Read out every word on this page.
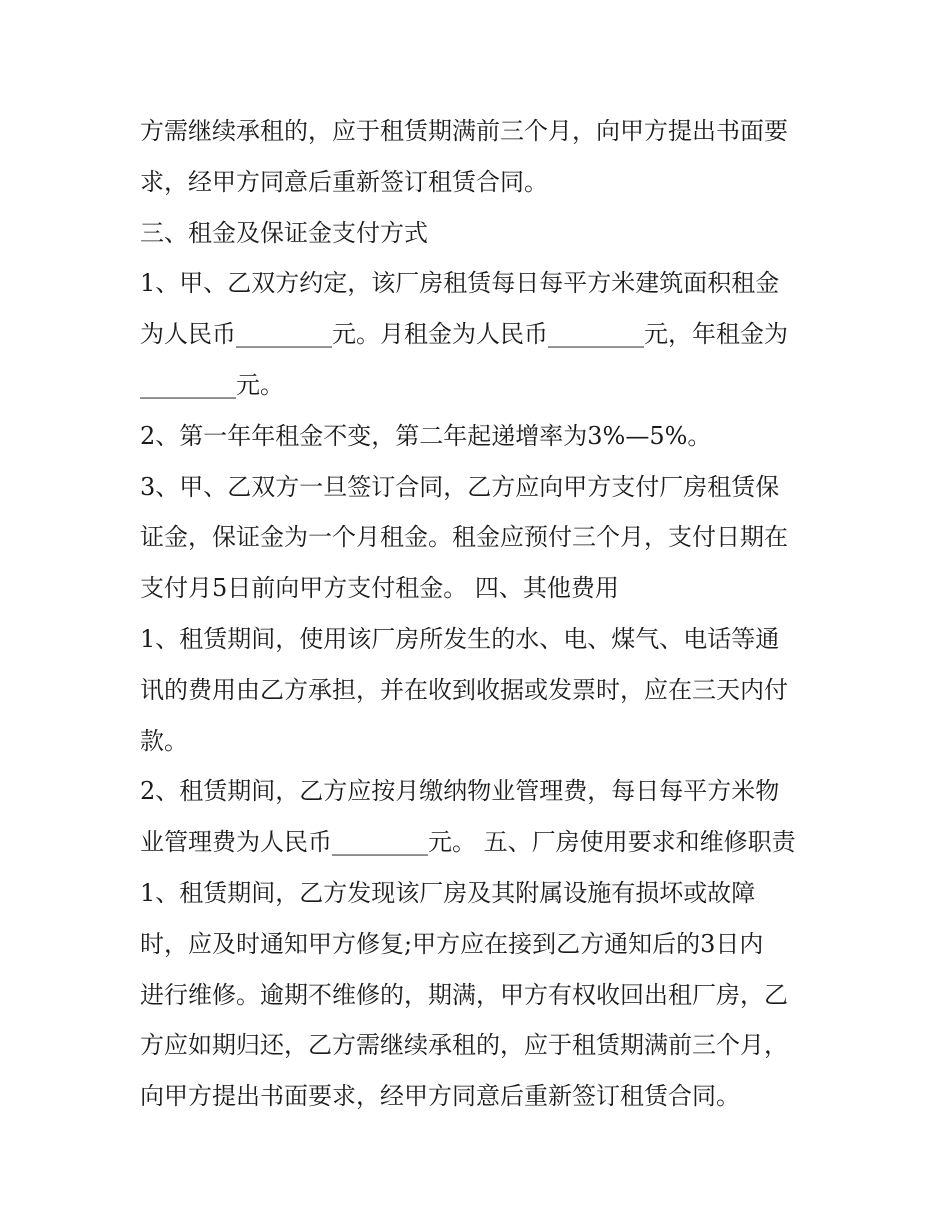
方需继续承租的，应于租赁期满前三个月，向甲方提出书面要
求，经甲方同意后重新签订租赁合同。
三、租金及保证金支付方式
1、甲、乙双方约定，该厂房租赁每日每平方米建筑面积租金
为人民币________元。月租金为人民币________元，年租金为
________元。
2、第一年年租金不变，第二年起递增率为3%—5%。
3、甲、乙双方一旦签订合同，乙方应向甲方支付厂房租赁保
证金，保证金为一个月租金。租金应预付三个月，支付日期在
支付月5日前向甲方支付租金。 四、其他费用
1、租赁期间，使用该厂房所发生的水、电、煤气、电话等通
讯的费用由乙方承担，并在收到收据或发票时，应在三天内付
款。
2、租赁期间，乙方应按月缴纳物业管理费，每日每平方米物
业管理费为人民币________元。 五、厂房使用要求和维修职责
1、租赁期间，乙方发现该厂房及其附属设施有损坏或故障
时，应及时通知甲方修复;甲方应在接到乙方通知后的3日内
进行维修。逾期不维修的，期满，甲方有权收回出租厂房，乙
方应如期归还，乙方需继续承租的，应于租赁期满前三个月，
向甲方提出书面要求，经甲方同意后重新签订租赁合同。
